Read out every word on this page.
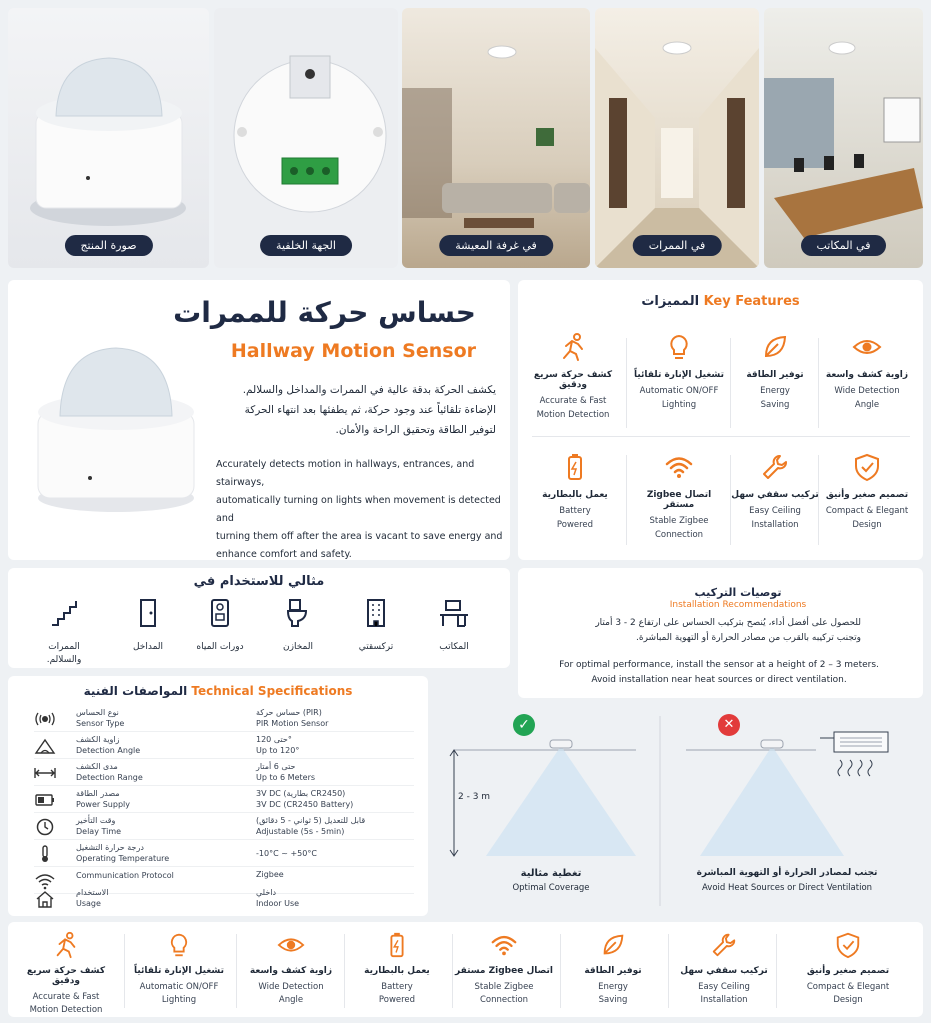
صورة المنتج	الجهة الخلفية	في غرفة المعيشة	في الممرات	في المكاتب
حساس حركة للممرات
Hallway Motion Sensor
يكشف الحركة بدقة عالية في الممرات والمداخل والسلالم.
الإضاءة تلقائياً عند وجود حركة، ثم يطفئها بعد انتهاء الحركة
لتوفير الطاقة وتحقيق الراحة والأمان.
Accurately detects motion in hallways, entrances, and stairways,
automatically turning on lights when movement is detected and
turning them off after the area is vacant to save energy and
enhance comfort and safety.
المميزات Key Features
كشف حركة سريع ودقيق
Accurate & Fast
Motion Detection
تشغيل الإنارة تلقائياً
Automatic ON/OFF
Lighting
توفير الطاقة
Energy
Saving
زاوية كشف واسعة
Wide Detection
Angle
يعمل بالبطارية
Battery
Powered
اتصال Zigbee مستقر
Stable Zigbee
Connection
تركيب سقفي سهل
Easy Ceiling
Installation
تصميم صغير وأنيق
Compact & Elegant
Design
مثالي للاستخدام في
الممرات
والسلالم.
المداخل	دورات المياه	المخازن	تركسقتي	المكاتب
المواصفات الفنية Technical Specifications
نوع الحساس
Sensor Type
حساس حركة (PIR)
PIR Motion Sensor
زاوية الكشف
Detection Angle
حتى 120°
Up to 120°
مدى الكشف
Detection Range
حتى 6 أمتار
Up to 6 Meters
مصدر الطاقة
Power Supply
3V DC (بطارية CR2450)
3V DC (CR2450 Battery)
وقت التأخير
Delay Time
قابل للتعديل (5 ثواني - 5 دقائق)
Adjustable (5s - 5min)
درجة حرارة التشغيل
Operating Temperature
-10°C ~ +50°C
Communication Protocol	Zigbee
الاستخدام
Usage
داخلي
Indoor Use
توصيات التركيب
Installation Recommendations
للحصول على أفضل أداء، يُنصح بتركيب الحساس على ارتفاع 2 - 3 أمتار
وتجنب تركيبه بالقرب من مصادر الحرارة أو التهوية المباشرة.
For optimal performance, install the sensor at a height of 2 – 3 meters.
Avoid installation near heat sources or direct ventilation.
✓	✕
2 - 3 m
تغطية مثالية
Optimal Coverage
تجنب لمصادر الحرارة أو التهوية المباشرة
Avoid Heat Sources or Direct Ventilation
كشف حركة سريع ودقيق
Accurate & Fast
Motion Detection
تشغيل الإنارة تلقائياً
Automatic ON/OFF
Lighting
زاوية كشف واسعة
Wide Detection
Angle
يعمل بالبطارية
Battery
Powered
اتصال Zigbee مستقر
Stable Zigbee
Connection
توفير الطاقة
Energy
Saving
تركيب سقفي سهل
Easy Ceiling
Installation
تصميم صغير وأنيق
Compact & Elegant
Design
